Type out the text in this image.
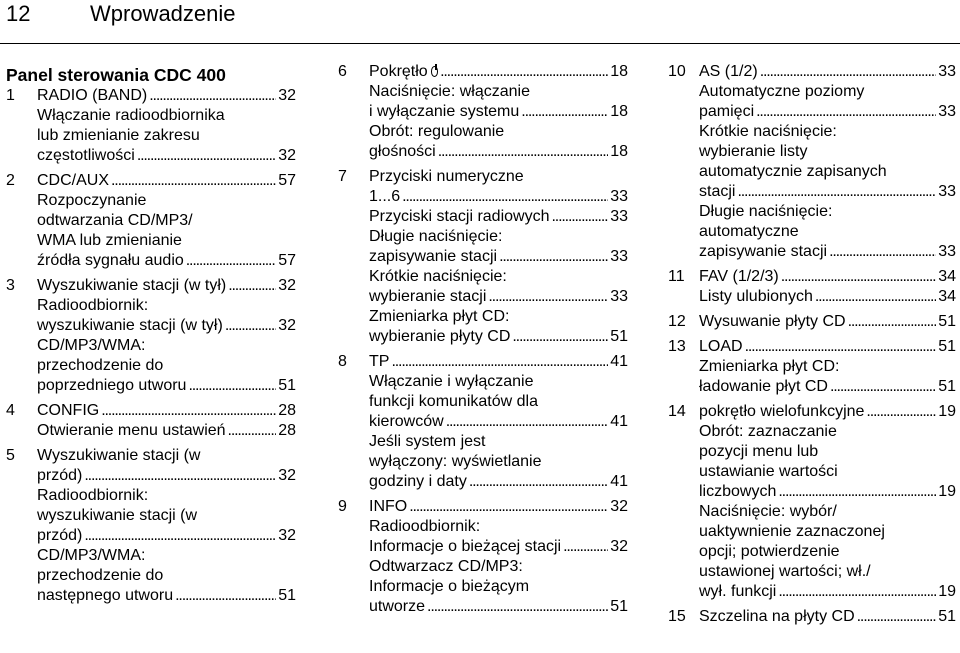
12	Wprowadzenie
Panel sterowania CDC 400
1 RADIO (BAND) . . .	32
Włączanie radioodbiornika
lub zmienianie zakresu
częstotliwości . . .	32
2 CDC/AUX . . .	57
Rozpoczynanie
odtwarzania CD/MP3/
WMA lub zmienianie
źródła sygnału audio . . .	57
3 Wyszukiwanie stacji (w tył) . . .	32
Radioodbiornik:
wyszukiwanie stacji (w tył) . . .	32
CD/MP3/WMA:
przechodzenie do
poprzedniego utworu . . .	51
4 CONFIG . . .	28
Otwieranie menu ustawień . . .	28
5 Wyszukiwanie stacji (w
przód) . . .	32
Radioodbiornik:
wyszukiwanie stacji (w
przód) . . .	32
CD/MP3/WMA:
przechodzenie do
następnego utworu . . .	51
6 Pokrętło . . .	18
Naciśnięcie: włączanie
i wyłączanie systemu . . .	18
Obrót: regulowanie
głośności . . .	18
7 Przyciski numeryczne
1...6 . . .	33
Przyciski stacji radiowych . . .	33
Długie naciśnięcie:
zapisywanie stacji . . .	33
Krótkie naciśnięcie:
wybieranie stacji . . .	33
Zmieniarka płyt CD:
wybieranie płyty CD . . .	51
8 TP . . .	41
Włączanie i wyłączanie
funkcji komunikatów dla
kierowców . . .	41
Jeśli system jest
wyłączony: wyświetlanie
godziny i daty . . .	41
9 INFO . . .	32
Radioodbiornik:
Informacje o bieżącej stacji . . .	32
Odtwarzacz CD/MP3:
Informacje o bieżącym
utworze . . .	51
10 AS (1/2) . . .	33
Automatyczne poziomy
pamięci . . .	33
Krótkie naciśnięcie:
wybieranie listy
automatycznie zapisanych
stacji . . .	33
Długie naciśnięcie:
automatyczne
zapisywanie stacji . . .	33
11 FAV (1/2/3) . . .	34
Listy ulubionych . . .	34
12 Wysuwanie płyty CD . . .	51
13 LOAD . . .	51
Zmieniarka płyt CD:
ładowanie płyt CD . . .	51
14 pokrętło wielofunkcyjne . . .	19
Obrót: zaznaczanie
pozycji menu lub
ustawianie wartości
liczbowych . . .	19
Naciśnięcie: wybór/
uaktywnienie zaznaczonej
opcji; potwierdzenie
ustawionej wartości; wł./
wył. funkcji . . .	19
15 Szczelina na płyty CD . . .	51
